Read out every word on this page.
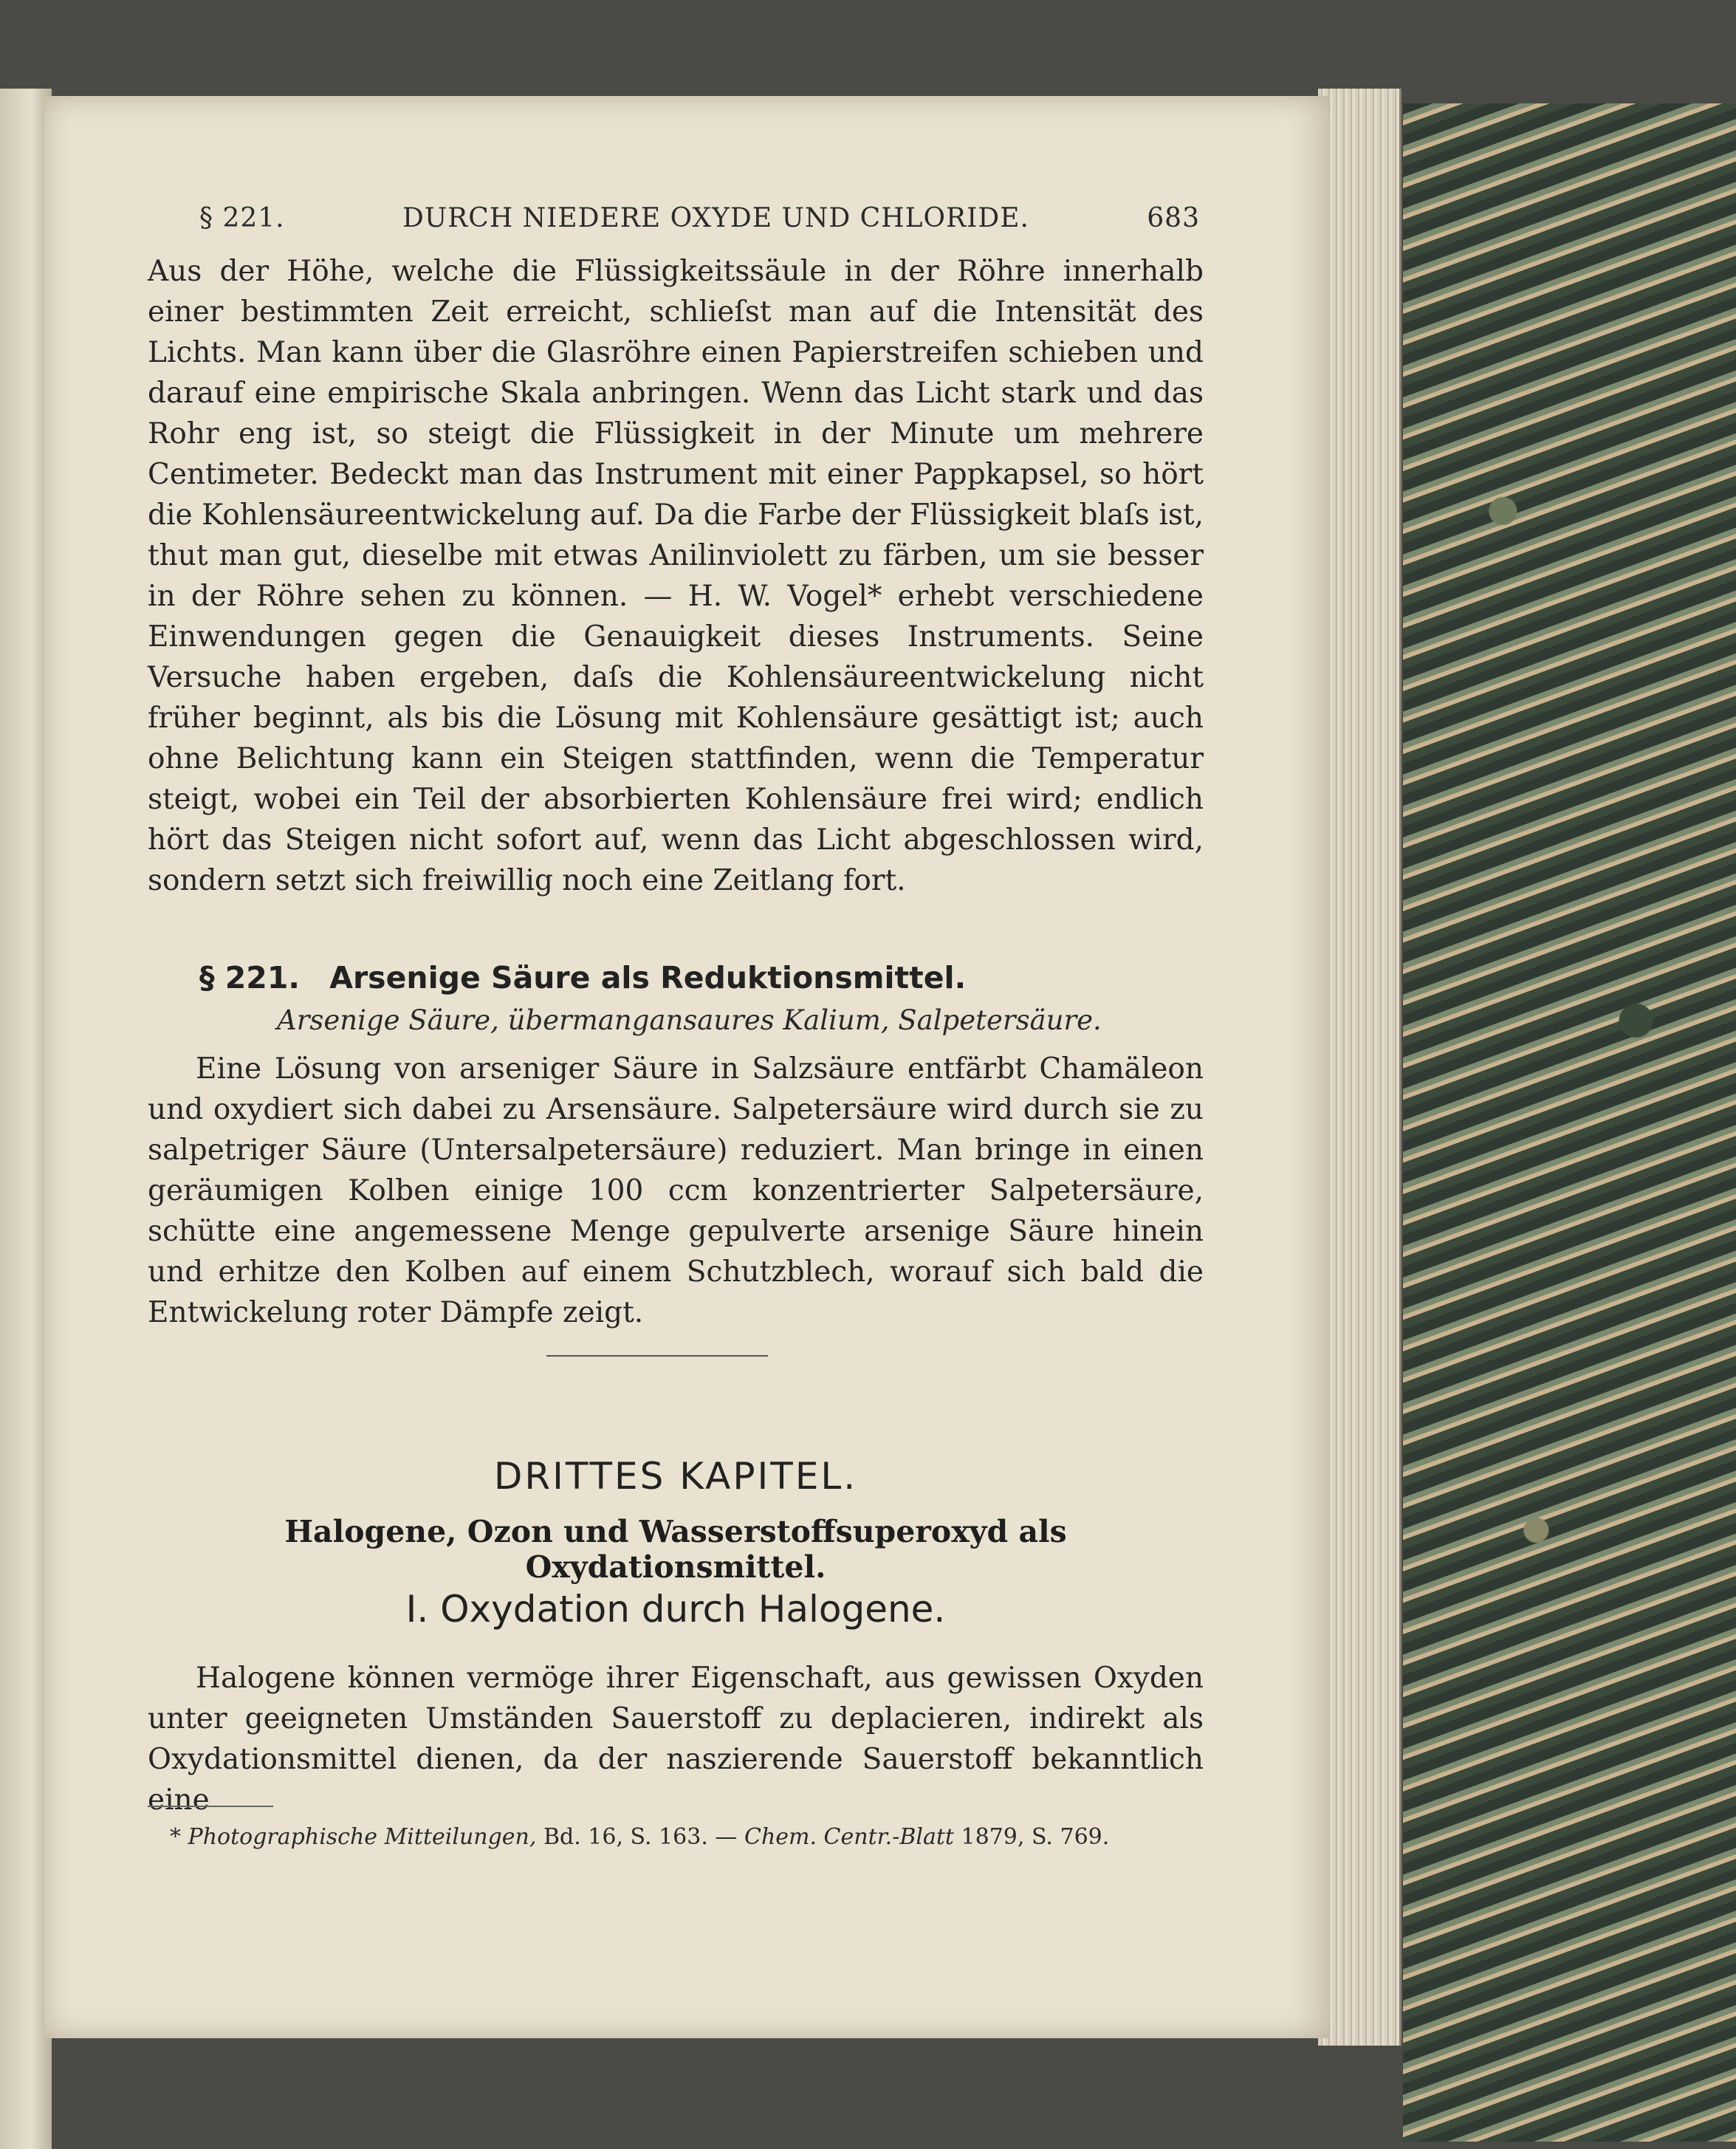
§ 221.	DURCH NIEDERE OXYDE UND CHLORIDE.	683
Aus der Höhe, welche die Flüssigkeitssäule in der Röhre innerhalb einer bestimmten Zeit erreicht, schlieſst man auf die Intensität des Lichts. Man kann über die Glasröhre einen Papierstreifen schieben und darauf eine empirische Skala anbringen. Wenn das Licht stark und das Rohr eng ist, so steigt die Flüssigkeit in der Minute um mehrere Centimeter. Bedeckt man das Instrument mit einer Pappkapsel, so hört die Kohlensäureentwickelung auf. Da die Farbe der Flüssigkeit blaſs ist, thut man gut, dieselbe mit etwas Anilinviolett zu färben, um sie besser in der Röhre sehen zu können. — H. W. Vogel* erhebt verschiedene Einwendungen gegen die Genauigkeit dieses Instruments. Seine Versuche haben ergeben, daſs die Kohlensäureentwickelung nicht früher beginnt, als bis die Lösung mit Kohlensäure gesättigt ist; auch ohne Belichtung kann ein Steigen stattfinden, wenn die Temperatur steigt, wobei ein Teil der absorbierten Kohlensäure frei wird; endlich hört das Steigen nicht sofort auf, wenn das Licht abgeschlossen wird, sondern setzt sich freiwillig noch eine Zeitlang fort.
§ 221. Arsenige Säure als Reduktionsmittel.
Arsenige Säure, übermangansaures Kalium, Salpetersäure.
Eine Lösung von arseniger Säure in Salzsäure entfärbt Chamäleon und oxydiert sich dabei zu Arsensäure. Salpetersäure wird durch sie zu salpetriger Säure (Untersalpetersäure) reduziert. Man bringe in einen geräumigen Kolben einige 100 ccm konzentrierter Salpetersäure, schütte eine angemessene Menge gepulverte arsenige Säure hinein und erhitze den Kolben auf einem Schutzblech, worauf sich bald die Entwickelung roter Dämpfe zeigt.
DRITTES KAPITEL.
Halogene, Ozon und Wasserstoffsuperoxyd als Oxydationsmittel.
I. Oxydation durch Halogene.
Halogene können vermöge ihrer Eigenschaft, aus gewissen Oxyden unter geeigneten Umständen Sauerstoff zu deplacieren, indirekt als Oxydationsmittel dienen, da der naszierende Sauerstoff bekanntlich eine
* Photographische Mitteilungen, Bd. 16, S. 163. — Chem. Centr.-Blatt 1879, S. 769.
